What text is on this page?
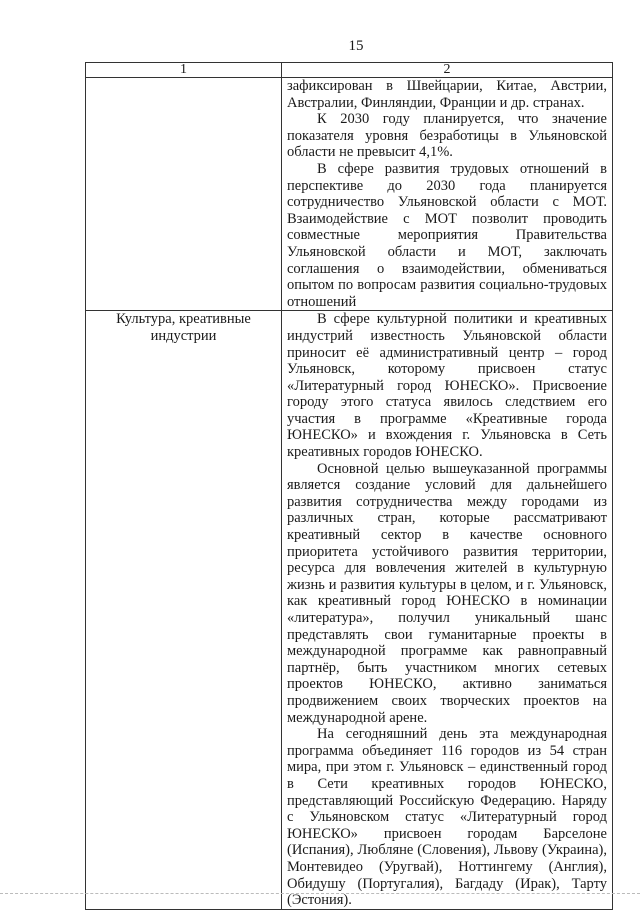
15
1	2

	зафиксирован в Швейцарии, Китае, Австрии, Австралии, Финляндии, Франции и др. странах.

К 2030 году планируется, что значение показателя уровня безработицы в Ульяновской области не превысит 4,1%.

В сфере развития трудовых отношений в перспективе до 2030 года планируется сотрудничество Ульяновской области с МОТ. Взаимодействие с МОТ позволит проводить совместные мероприятия Правительства Ульяновской области и МОТ, заключать соглашения о взаимодействии, обмениваться опытом по вопросам развития социально-трудовых отношений

Культура, креативные индустрии	В сфере культурной политики и креативных индустрий известность Ульяновской области приносит её административный центр – город Ульяновск, которому присвоен статус «Литературный город ЮНЕСКО». Присвоение городу этого статуса явилось следствием его участия в программе «Креативные города ЮНЕСКО» и вхождения г. Ульяновска в Сеть креативных городов ЮНЕСКО.

Основной целью вышеуказанной программы является создание условий для дальнейшего развития сотрудничества между городами из различных стран, которые рассматривают креативный сектор в качестве основного приоритета устойчивого развития территории, ресурса для вовлечения жителей в культурную жизнь и развития культуры в целом, и г. Ульяновск, как креативный город ЮНЕСКО в номинации «литература», получил уникальный шанс представлять свои гуманитарные проекты в международной программе как равноправный партнёр, быть участником многих сетевых проектов ЮНЕСКО, активно заниматься продвижением своих творческих проектов на международной арене.

На сегодняшний день эта международная программа объединяет 116 городов из 54 стран мира, при этом г. Ульяновск – единственный город в Сети креативных городов ЮНЕСКО, представляющий Российскую Федерацию. Наряду с Ульяновском статус «Литературный город ЮНЕСКО» присвоен городам Барселоне (Испания), Любляне (Словения), Львову (Украина), Монтевидео (Уругвай), Ноттингему (Англия), Обидушу (Португалия), Багдаду (Ирак), Тарту (Эстония).
